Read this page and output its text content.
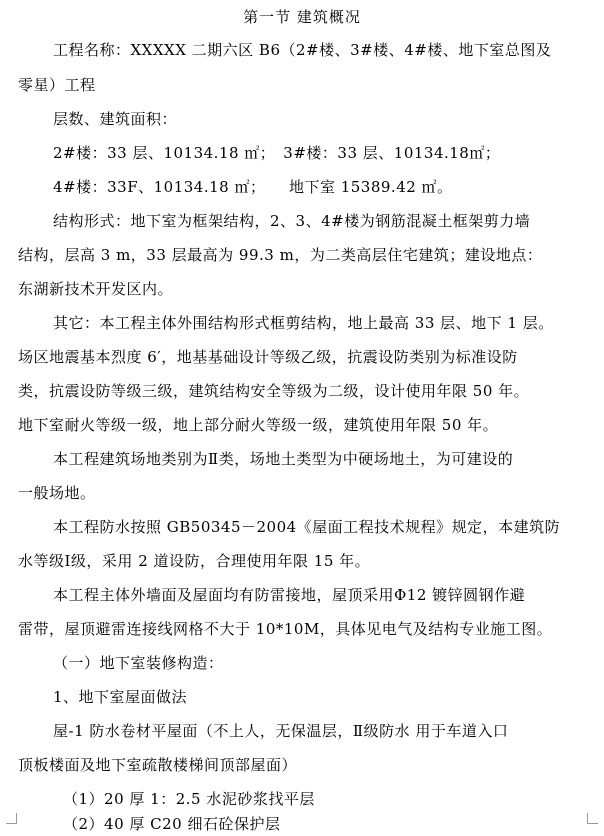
第一节 建筑概况
工程名称：XXXXX 二期六区 B6（2#楼、3#楼、4#楼、地下室总图及
零星）工程
层数、建筑面积：
2#楼：33 层、10134.18 ㎡；　3#楼：33 层、10134.18㎡；
4#楼：33F、10134.18 ㎡；　　地下室 15389.42 ㎡。
结构形式：地下室为框架结构，2、3、4#楼为钢筋混凝土框架剪力墙
结构，层高 3 m，33 层最高为 99.3 m，为二类高层住宅建筑；建设地点：
东湖新技术开发区内。
其它：本工程主体外围结构形式框剪结构，地上最高 33 层、地下 1 层。
场区地震基本烈度 6′，地基基础设计等级乙级，抗震设防类别为标准设防
类，抗震设防等级三级，建筑结构安全等级为二级，设计使用年限 50 年。
地下室耐火等级一级，地上部分耐火等级一级，建筑使用年限 50 年。
本工程建筑场地类别为Ⅱ类，场地土类型为中硬场地土，为可建设的
一般场地。
本工程防水按照 GB50345－2004《屋面工程技术规程》规定，本建筑防
水等级Ⅰ级，采用 2 道设防，合理使用年限 15 年。
本工程主体外墙面及屋面均有防雷接地，屋顶采用Φ12 镀锌圆钢作避
雷带，屋顶避雷连接线网格不大于 10*10M，具体见电气及结构专业施工图。
（一）地下室装修构造：
1、地下室屋面做法
屋-1 防水卷材平屋面（不上人，无保温层，Ⅱ级防水 用于车道入口
顶板楼面及地下室疏散楼梯间顶部屋面）
（1）20 厚 1：2.5 水泥砂浆找平层
（2）40 厚 C20 细石砼保护层
